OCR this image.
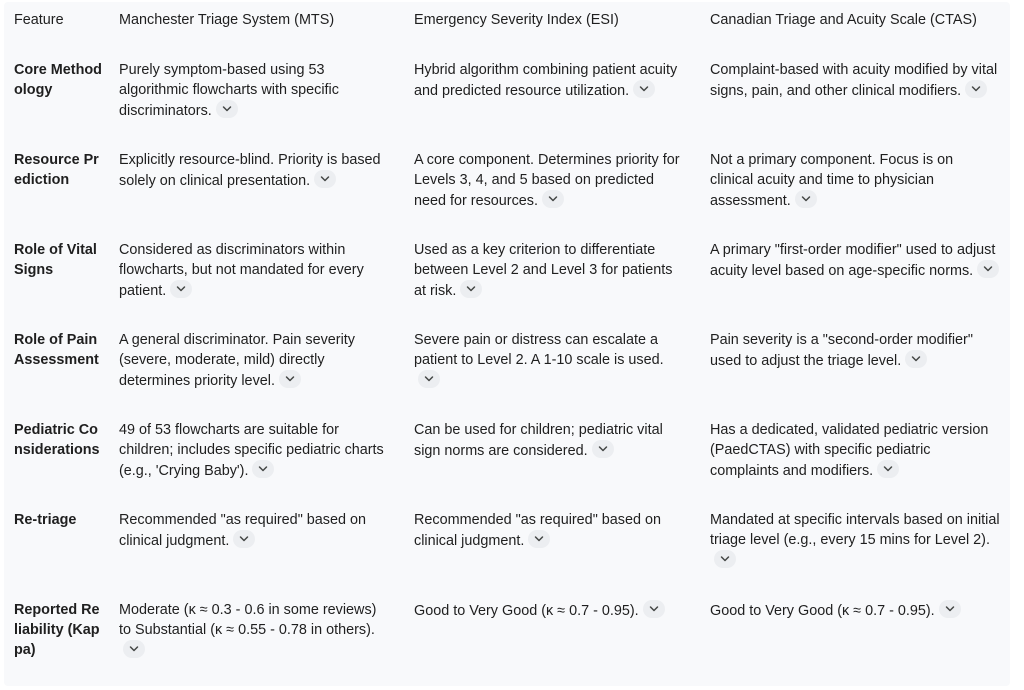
Feature	Manchester Triage System (MTS)	Emergency Severity Index (ESI)	Canadian Triage and Acuity Scale (CTAS)
Core Methodology	Purely symptom-based using 53 algorithmic flowcharts with specific discriminators.	Hybrid algorithm combining patient acuity and predicted resource utilization.	Complaint-based with acuity modified by vital signs, pain, and other clinical modifiers.

Resource Prediction	Explicitly resource-blind. Priority is based solely on clinical presentation.	A core component. Determines priority for Levels 3, 4, and 5 based on predicted need for resources.	Not a primary component. Focus is on clinical acuity and time to physician assessment.

Role of Vital Signs	Considered as discriminators within flowcharts, but not mandated for every patient.	Used as a key criterion to differentiate between Level 2 and Level 3 for patients at risk.	A primary "first-order modifier" used to adjust acuity level based on age-specific norms.

Role of Pain Assessment	A general discriminator. Pain severity (severe, moderate, mild) directly determines priority level.	Severe pain or distress can escalate a patient to Level 2. A 1-10 scale is used.	Pain severity is a "second-order modifier" used to adjust the triage level.

Pediatric Considerations	49 of 53 flowcharts are suitable for children; includes specific pediatric charts (e.g., 'Crying Baby').	Can be used for children; pediatric vital sign norms are considered.	Has a dedicated, validated pediatric version (PaedCTAS) with specific pediatric complaints and modifiers.

Re-triage	Recommended "as required" based on clinical judgment.	Recommended "as required" based on clinical judgment.	Mandated at specific intervals based on initial triage level (e.g., every 15 mins for Level 2).

Reported Reliability (Kappa)	Moderate (κ ≈ 0.3 - 0.6 in some reviews) to Substantial (κ ≈ 0.55 - 0.78 in others).	Good to Very Good (κ ≈ 0.7 - 0.95).	Good to Very Good (κ ≈ 0.7 - 0.95).
